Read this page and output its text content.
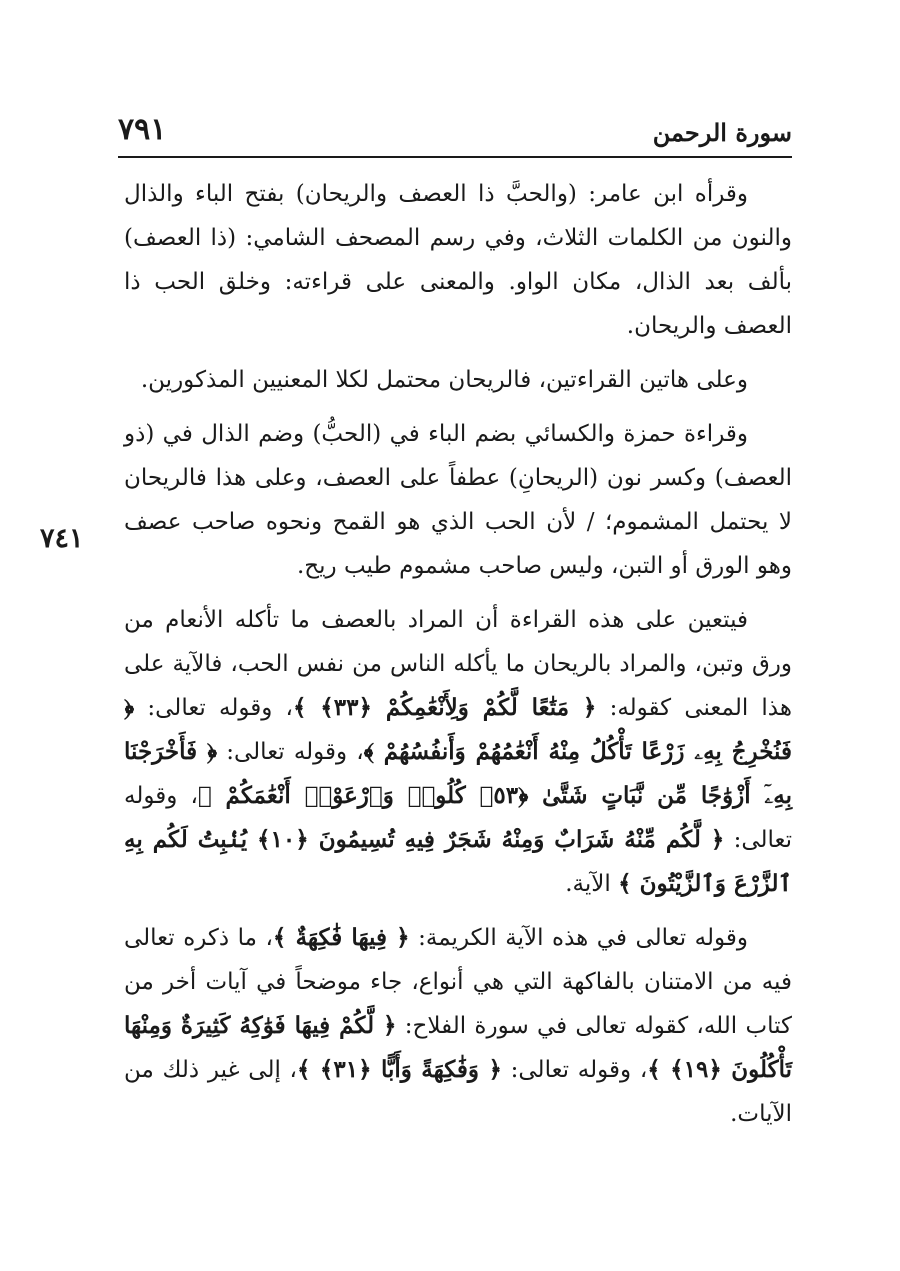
سورة الرحمن
٧٩١
٧٤١

وقرأه ابن عامر: (والحبَّ ذا العصف والريحان) بفتح الباء والذال والنون من الكلمات الثلاث، وفي رسم المصحف الشامي: (ذا العصف) بألف بعد الذال، مكان الواو. والمعنى على قراءته: وخلق الحب ذا العصف والريحان.

وعلى هاتين القراءتين، فالريحان محتمل لكلا المعنيين المذكورين.

وقراءة حمزة والكسائي بضم الباء في (الحبُّ) وضم الذال في (ذو العصف) وكسر نون (الريحانِ) عطفاً على العصف، وعلى هذا فالريحان لا يحتمل المشموم؛ / لأن الحب الذي هو القمح ونحوه صاحب عصف وهو الورق أو التبن، وليس صاحب مشموم طيب ريح.

فيتعين على هذه القراءة أن المراد بالعصف ما تأكله الأنعام من ورق وتبن، والمراد بالريحان ما يأكله الناس من نفس الحب، فالآية على هذا المعنى كقوله: ﴿ مَتَٰعًا لَّكُمْ وَلِأَنْعَٰمِكُمْ ﴿٣٣﴾ ﴾، وقوله تعالى: ﴿ فَنُخْرِجُ بِهِۦ زَرْعًا تَأْكُلُ مِنْهُ أَنْعَٰمُهُمْ وَأَنفُسُهُمْ ﴾، وقوله تعالى: ﴿ فَأَخْرَجْنَا بِهِۦٓ أَزْوَٰجًا مِّن نَّبَاتٍ شَتَّىٰ ﴿٥٣﴾ كُلُوا۟ وَٱرْعَوْا۟ أَنْعَٰمَكُمْ ﴾، وقوله تعالى: ﴿ لَّكُم مِّنْهُ شَرَابٌ وَمِنْهُ شَجَرٌ فِيهِ تُسِيمُونَ ﴿١٠﴾ يُنۢبِتُ لَكُم بِهِ ٱلزَّرْعَ وَٱلزَّيْتُونَ ﴾ الآية.

وقوله تعالى في هذه الآية الكريمة: ﴿ فِيهَا فَٰكِهَةٌ ﴾، ما ذكره تعالى فيه من الامتنان بالفاكهة التي هي أنواع، جاء موضحاً في آيات أخر من كتاب الله، كقوله تعالى في سورة الفلاح: ﴿ لَّكُمْ فِيهَا فَوَٰكِهُ كَثِيرَةٌ وَمِنْهَا تَأْكُلُونَ ﴿١٩﴾ ﴾، وقوله تعالى: ﴿ وَفَٰكِهَةً وَأَبًّا ﴿٣١﴾ ﴾، إلى غير ذلك من الآيات.
